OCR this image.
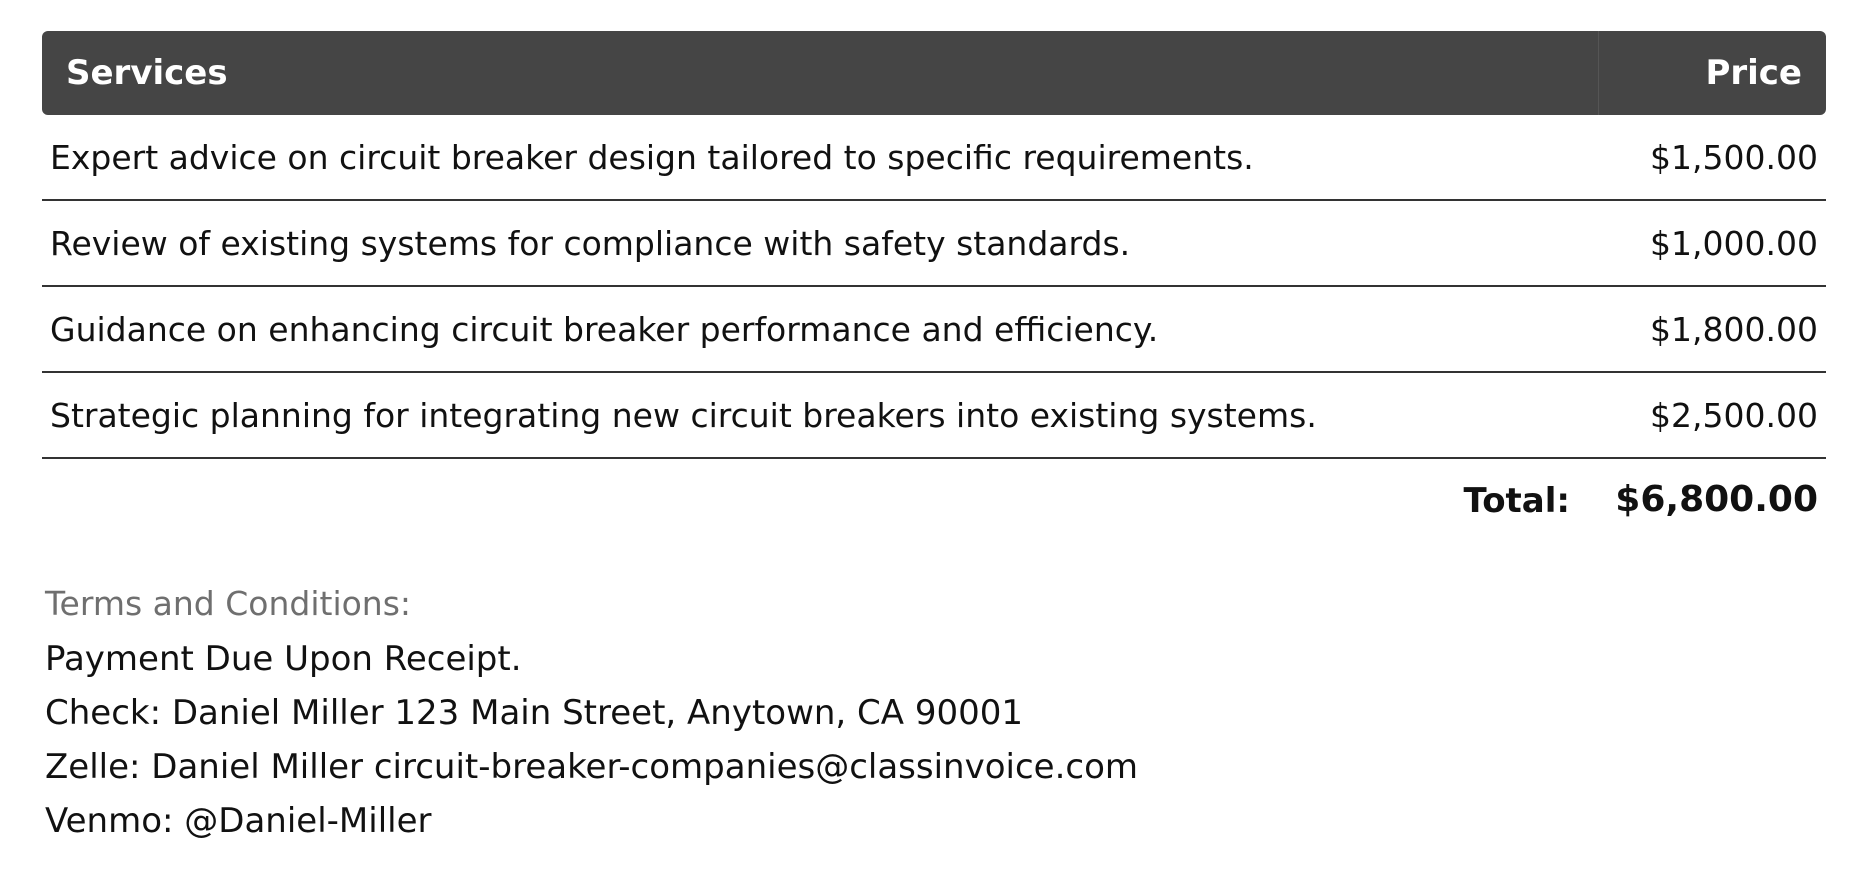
Services	Price
Expert advice on circuit breaker design tailored to specific requirements.	$1,500.00
Review of existing systems for compliance with safety standards.	$1,000.00
Guidance on enhancing circuit breaker performance and efficiency.	$1,800.00
Strategic planning for integrating new circuit breakers into existing systems.	$2,500.00
Total: $6,800.00
Terms and Conditions:
Payment Due Upon Receipt.
Check: Daniel Miller 123 Main Street, Anytown, CA 90001
Zelle: Daniel Miller circuit-breaker-companies@classinvoice.com
Venmo: @Daniel-Miller
